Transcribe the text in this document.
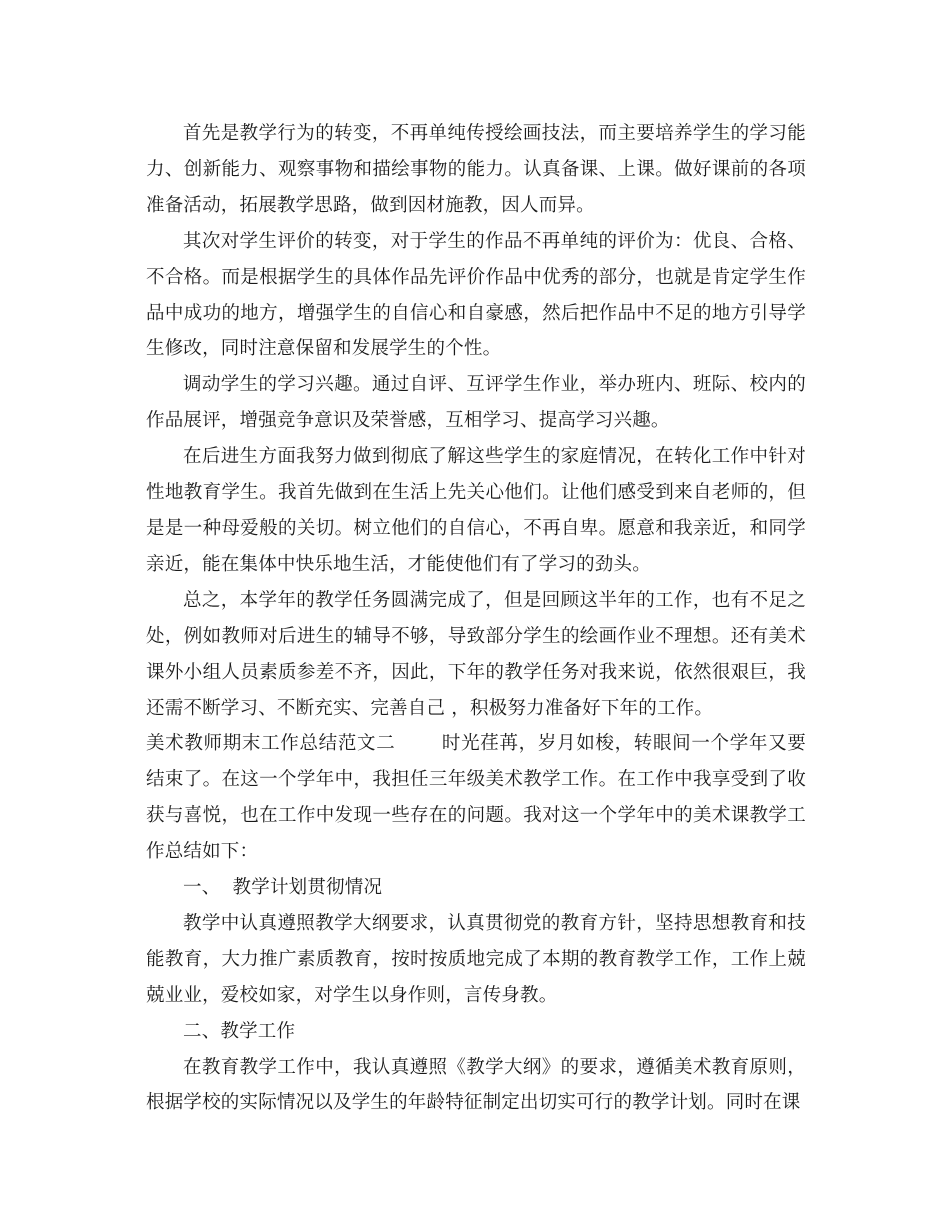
首先是教学行为的转变，不再单纯传授绘画技法，而主要培养学生的学习能力、创新能力、观察事物和描绘事物的能力。认真备课、上课。做好课前的各项准备活动，拓展教学思路，做到因材施教，因人而异。

其次对学生评价的转变，对于学生的作品不再单纯的评价为：优良、合格、不合格。而是根据学生的具体作品先评价作品中优秀的部分，也就是肯定学生作品中成功的地方，增强学生的自信心和自豪感，然后把作品中不足的地方引导学生修改，同时注意保留和发展学生的个性。

调动学生的学习兴趣。通过自评、互评学生作业，举办班内、班际、校内的作品展评，增强竞争意识及荣誉感，互相学习、提高学习兴趣。

在后进生方面我努力做到彻底了解这些学生的家庭情况，在转化工作中针对性地教育学生。我首先做到在生活上先关心他们。让他们感受到来自老师的，但是是一种母爱般的关切。树立他们的自信心，不再自卑。愿意和我亲近，和同学亲近，能在集体中快乐地生活，才能使他们有了学习的劲头。

总之，本学年的教学任务圆满完成了，但是回顾这半年的工作，也有不足之处，例如教师对后进生的辅导不够，导致部分学生的绘画作业不理想。还有美术课外小组人员素质参差不齐，因此，下年的教学任务对我来说，依然很艰巨，我还需不断学习、不断充实、完善自己 ，积极努力准备好下年的工作。

美术教师期末工作总结范文二 时光荏苒，岁月如梭，转眼间一个学年又要结束了。在这一个学年中，我担任三年级美术教学工作。在工作中我享受到了收获与喜悦，也在工作中发现一些存在的问题。我对这一个学年中的美术课教学工作总结如下：

一、  教学计划贯彻情况

教学中认真遵照教学大纲要求，认真贯彻党的教育方针，坚持思想教育和技能教育，大力推广素质教育，按时按质地完成了本期的教育教学工作，工作上兢兢业业，爱校如家，对学生以身作则，言传身教。

二、教学工作

在教育教学工作中，我认真遵照《教学大纲》的要求，遵循美术教育原则，根据学校的实际情况以及学生的年龄特征制定出切实可行的教学计划。同时在课
